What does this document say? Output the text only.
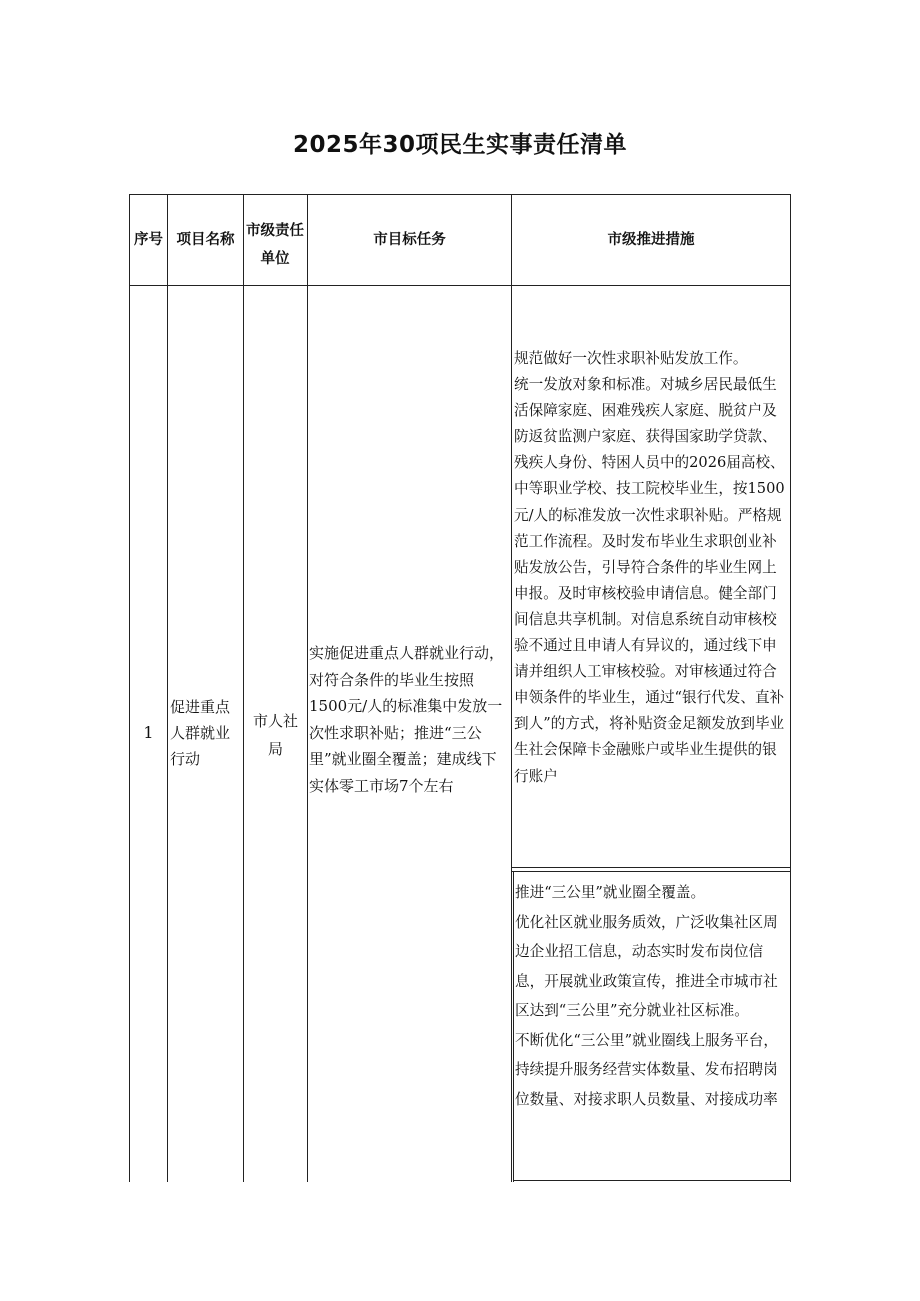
2025年30项民生实事责任清单
序号 项目名称
市级责任单位
市目标任务	市级推进措施
1
促进重点人群就业行动
市人社局
实施促进重点人群就业行动，对符合条件的毕业生按照1500元/人的标准集中发放一次性求职补贴；推进“三公里”就业圈全覆盖；建成线下实体零工市场7个左右

规范做好一次性求职补贴发放工作。

统一发放对象和标准。对城乡居民最低生活保障家庭、困难残疾人家庭、脱贫户及防返贫监测户家庭、获得国家助学贷款、残疾人身份、特困人员中的2026届高校、中等职业学校、技工院校毕业生，按1500元/人的标准发放一次性求职补贴。严格规范工作流程。及时发布毕业生求职创业补贴发放公告，引导符合条件的毕业生网上申报。及时审核校验申请信息。健全部门间信息共享机制。对信息系统自动审核校验不通过且申请人有异议的，通过线下申请并组织人工审核校验。对审核通过符合申领条件的毕业生，通过“银行代发、直补到人”的方式，将补贴资金足额发放到毕业生社会保障卡金融账户或毕业生提供的银行账户

推进“三公里”就业圈全覆盖。

优化社区就业服务质效，广泛收集社区周边企业招工信息，动态实时发布岗位信息，开展就业政策宣传，推进全市城市社区达到“三公里”充分就业社区标准。

不断优化“三公里”就业圈线上服务平台，持续提升服务经营实体数量、发布招聘岗位数量、对接求职人员数量、对接成功率
